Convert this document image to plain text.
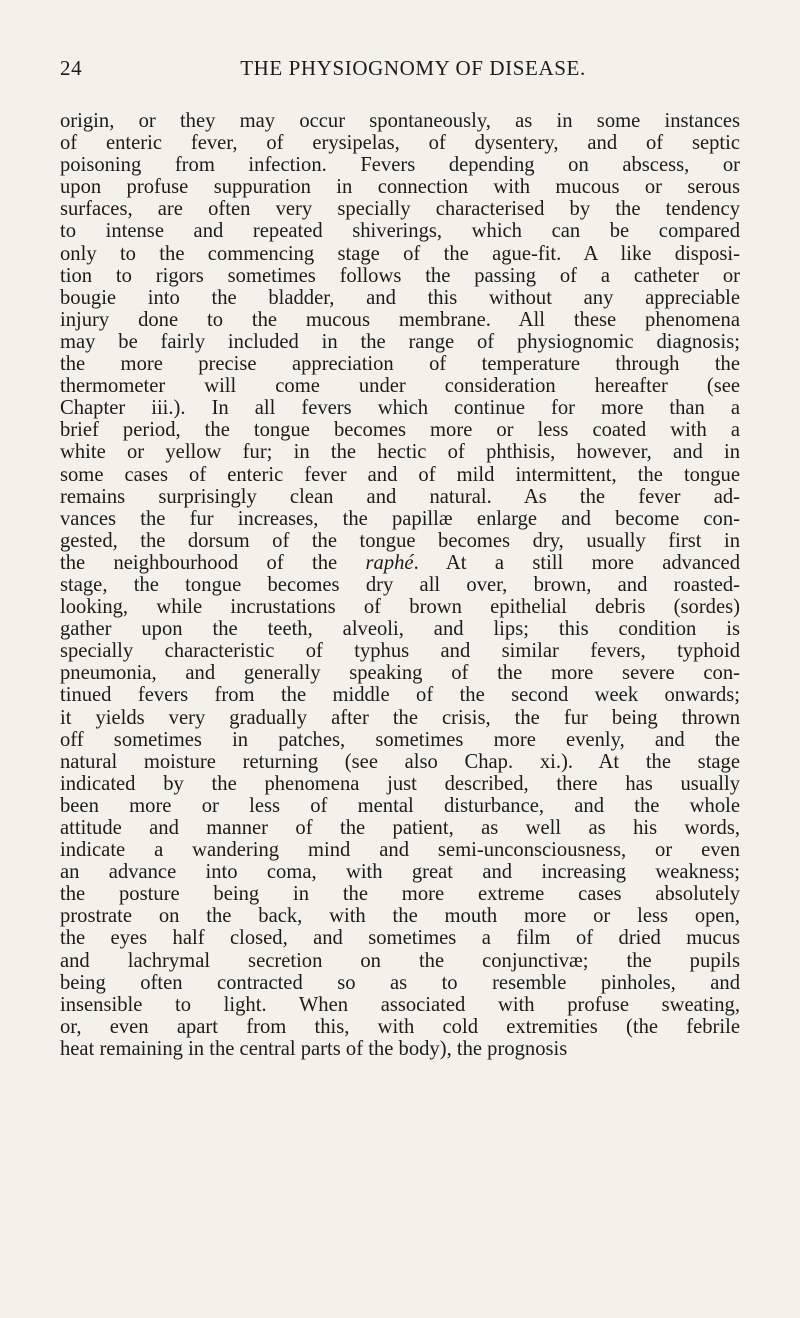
24	THE PHYSIOGNOMY OF DISEASE.
origin, or they may occur spontaneously, as in some instances
of enteric fever, of erysipelas, of dysentery, and of septic
poisoning from infection. Fevers depending on abscess, or
upon profuse suppuration in connection with mucous or serous
surfaces, are often very specially characterised by the tendency
to intense and repeated shiverings, which can be compared
only to the commencing stage of the ague-fit. A like disposi-
tion to rigors sometimes follows the passing of a catheter or
bougie into the bladder, and this without any appreciable
injury done to the mucous membrane. All these phenomena
may be fairly included in the range of physiognomic diagnosis;
the more precise appreciation of temperature through the
thermometer will come under consideration hereafter (see
Chapter iii.). In all fevers which continue for more than a
brief period, the tongue becomes more or less coated with a
white or yellow fur; in the hectic of phthisis, however, and in
some cases of enteric fever and of mild intermittent, the tongue
remains surprisingly clean and natural. As the fever ad-
vances the fur increases, the papillæ enlarge and become con-
gested, the dorsum of the tongue becomes dry, usually first in
the neighbourhood of the raphé. At a still more advanced
stage, the tongue becomes dry all over, brown, and roasted-
looking, while incrustations of brown epithelial debris (sordes)
gather upon the teeth, alveoli, and lips; this condition is
specially characteristic of typhus and similar fevers, typhoid
pneumonia, and generally speaking of the more severe con-
tinued fevers from the middle of the second week onwards;
it yields very gradually after the crisis, the fur being thrown
off sometimes in patches, sometimes more evenly, and the
natural moisture returning (see also Chap. xi.). At the stage
indicated by the phenomena just described, there has usually
been more or less of mental disturbance, and the whole
attitude and manner of the patient, as well as his words,
indicate a wandering mind and semi-unconsciousness, or even
an advance into coma, with great and increasing weakness;
the posture being in the more extreme cases absolutely
prostrate on the back, with the mouth more or less open,
the eyes half closed, and sometimes a film of dried mucus
and lachrymal secretion on the conjunctivæ; the pupils
being often contracted so as to resemble pinholes, and
insensible to light. When associated with profuse sweating,
or, even apart from this, with cold extremities (the febrile
heat remaining in the central parts of the body), the prognosis
